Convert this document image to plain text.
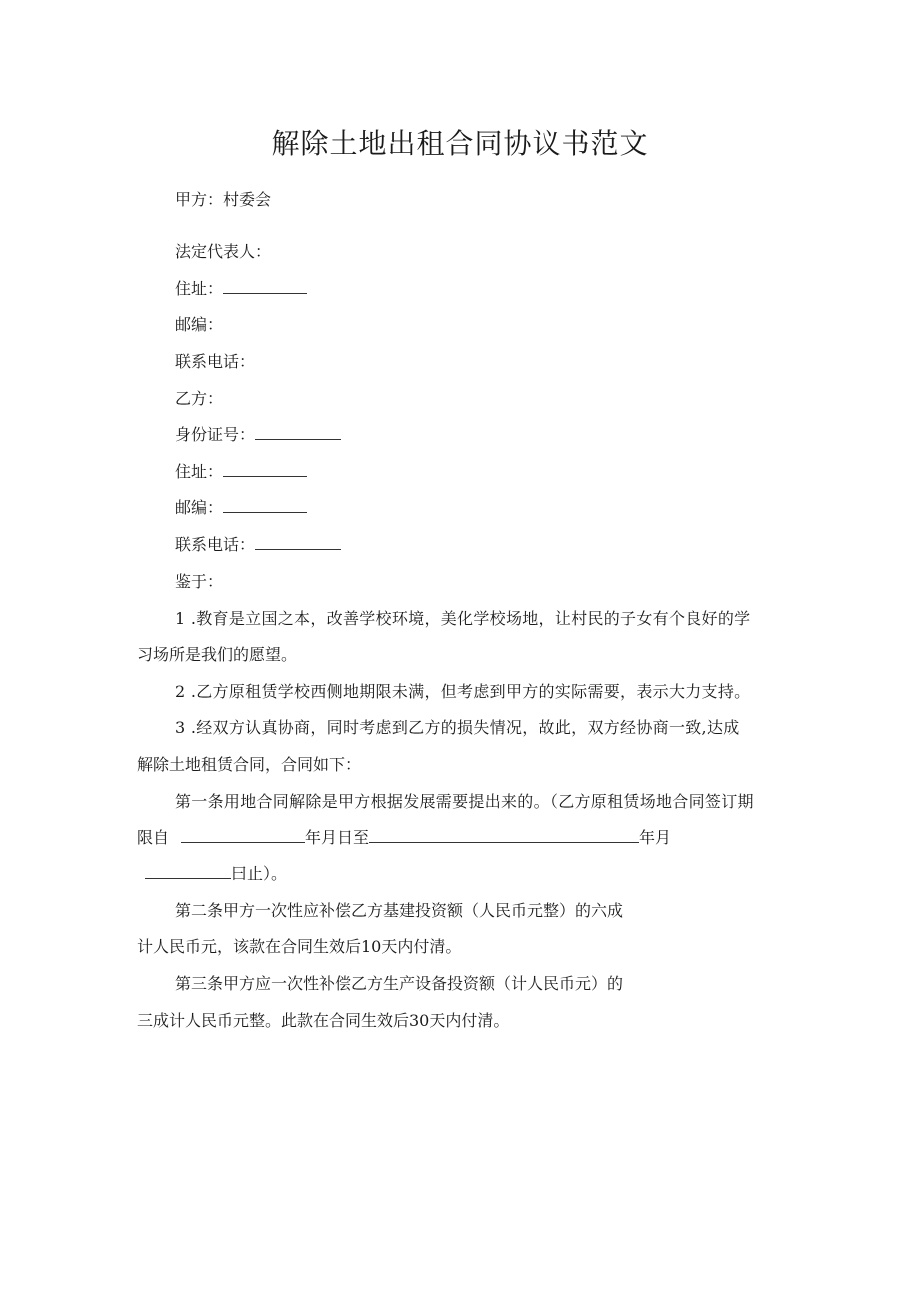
解除土地出租合同协议书范文
甲方：村委会
法定代表人：
住址：
邮编：
联系电话：
乙方：
身份证号：
住址：
邮编：
联系电话：
鉴于：
1 .教育是立国之本，改善学校环境，美化学校场地，让村民的子女有个良好的学
习场所是我们的愿望。
2 .乙方原租赁学校西侧地期限未满，但考虑到甲方的实际需要，表示大力支持。
3 .经双方认真协商，同时考虑到乙方的损失情况，故此，双方经协商一致,达成
解除土地租赁合同，合同如下：
第一条用地合同解除是甲方根据发展需要提出来的。（乙方原租赁场地合同签订期
限自	年月日至	年月
曰止）。
第二条甲方一次性应补偿乙方基建投资额（人民币元整）的六成
计人民币元，该款在合同生效后10天内付清。
第三条甲方应一次性补偿乙方生产设备投资额（计人民币元）的
三成计人民币元整。此款在合同生效后30天内付清。
